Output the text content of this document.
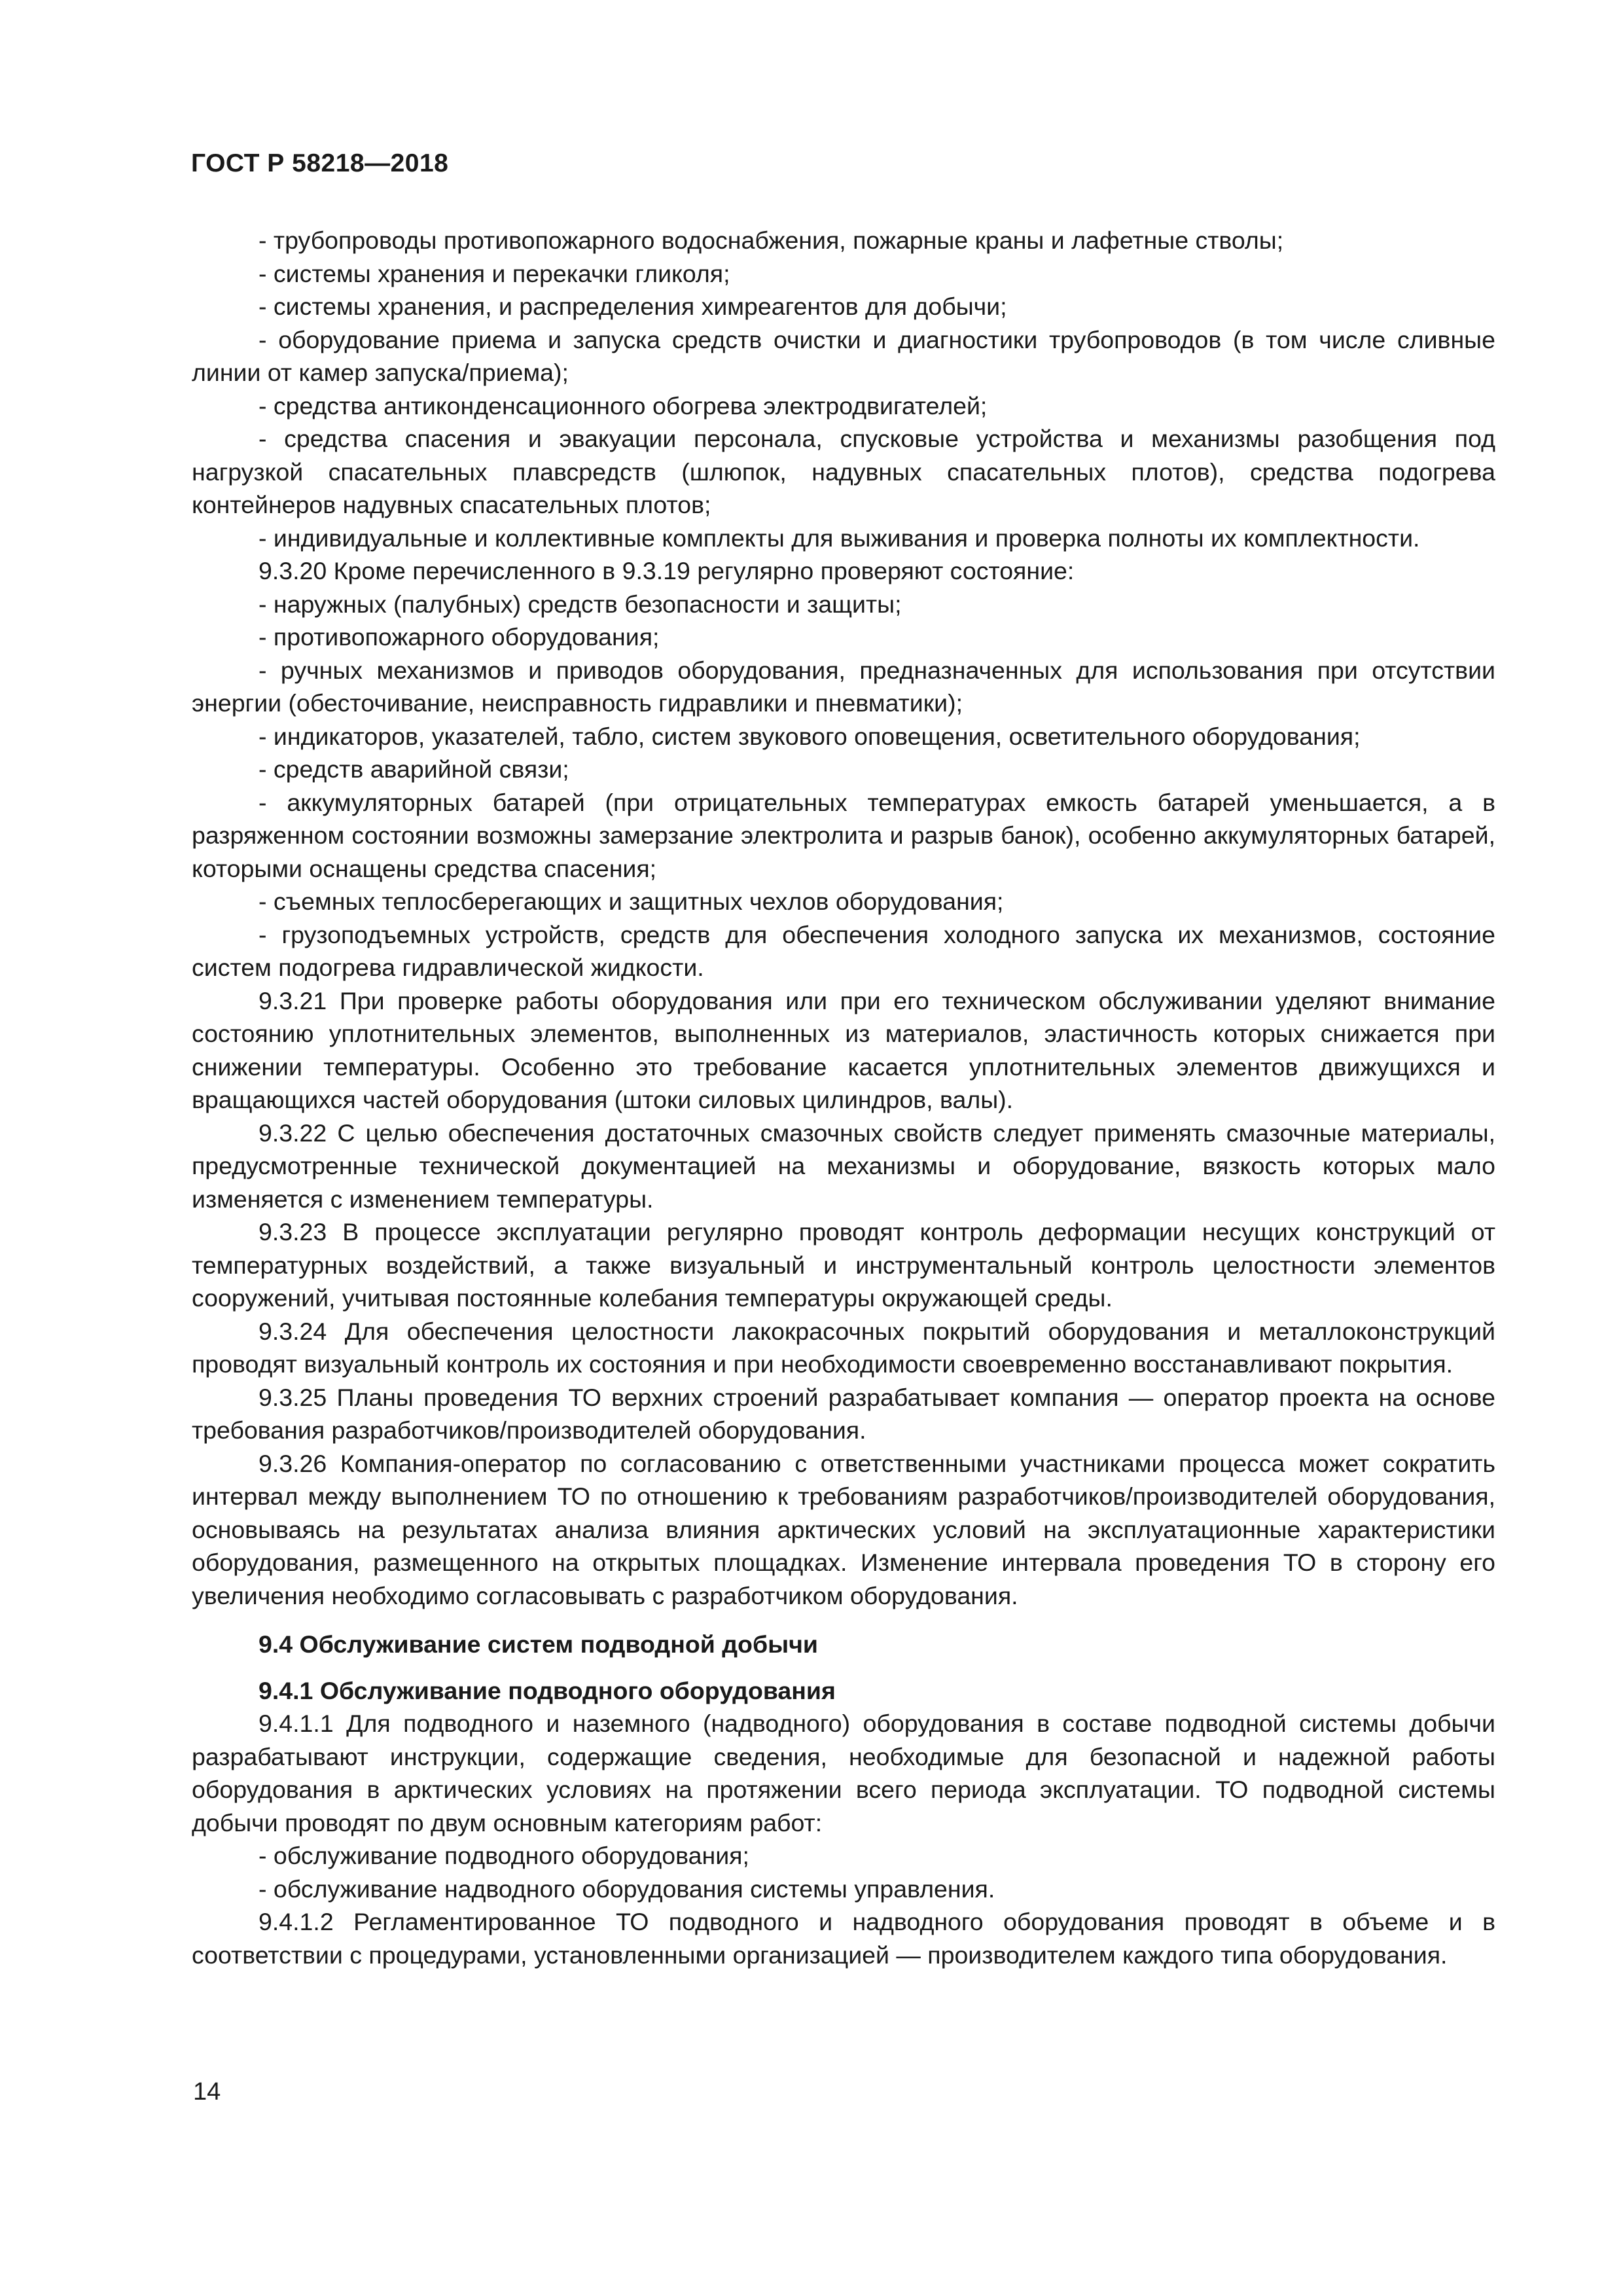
ГОСТ Р 58218—2018
- трубопроводы противопожарного водоснабжения, пожарные краны и лафетные стволы;
- системы хранения и перекачки гликоля;
- системы хранения, и распределения химреагентов для добычи;
- оборудование приема и запуска средств очистки и диагностики трубопроводов (в том числе сливные линии от камер запуска/приема);
- средства антиконденсационного обогрева электродвигателей;
- средства спасения и эвакуации персонала, спусковые устройства и механизмы разобщения под нагрузкой спасательных плавсредств (шлюпок, надувных спасательных плотов), средства подогрева контейнеров надувных спасательных плотов;
- индивидуальные и коллективные комплекты для выживания и проверка полноты их комплектности.
9.3.20 Кроме перечисленного в 9.3.19 регулярно проверяют состояние:
- наружных (палубных) средств безопасности и защиты;
- противопожарного оборудования;
- ручных механизмов и приводов оборудования, предназначенных для использования при отсутствии энергии (обесточивание, неисправность гидравлики и пневматики);
- индикаторов, указателей, табло, систем звукового оповещения, осветительного оборудования;
- средств аварийной связи;
- аккумуляторных батарей (при отрицательных температурах емкость батарей уменьшается, а в разряженном состоянии возможны замерзание электролита и разрыв банок), особенно аккумуляторных батарей, которыми оснащены средства спасения;
- съемных теплосберегающих и защитных чехлов оборудования;
- грузоподъемных устройств, средств для обеспечения холодного запуска их механизмов, состояние систем подогрева гидравлической жидкости.
9.3.21 При проверке работы оборудования или при его техническом обслуживании уделяют внимание состоянию уплотнительных элементов, выполненных из материалов, эластичность которых снижается при снижении температуры. Особенно это требование касается уплотнительных элементов движущихся и вращающихся частей оборудования (штоки силовых цилиндров, валы).
9.3.22 С целью обеспечения достаточных смазочных свойств следует применять смазочные материалы, предусмотренные технической документацией на механизмы и оборудование, вязкость которых мало изменяется с изменением температуры.
9.3.23 В процессе эксплуатации регулярно проводят контроль деформации несущих конструкций от температурных воздействий, а также визуальный и инструментальный контроль целостности элементов сооружений, учитывая постоянные колебания температуры окружающей среды.
9.3.24 Для обеспечения целостности лакокрасочных покрытий оборудования и металлоконструкций проводят визуальный контроль их состояния и при необходимости своевременно восстанавливают покрытия.
9.3.25 Планы проведения ТО верхних строений разрабатывает компания — оператор проекта на основе требования разработчиков/производителей оборудования.
9.3.26 Компания-оператор по согласованию с ответственными участниками процесса может сократить интервал между выполнением ТО по отношению к требованиям разработчиков/производителей оборудования, основываясь на результатах анализа влияния арктических условий на эксплуатационные характеристики оборудования, размещенного на открытых площадках. Изменение интервала проведения ТО в сторону его увеличения необходимо согласовывать с разработчиком оборудования.
9.4 Обслуживание систем подводной добычи
9.4.1 Обслуживание подводного оборудования
9.4.1.1 Для подводного и наземного (надводного) оборудования в составе подводной системы добычи разрабатывают инструкции, содержащие сведения, необходимые для безопасной и надежной работы оборудования в арктических условиях на протяжении всего периода эксплуатации. ТО подводной системы добычи проводят по двум основным категориям работ:
- обслуживание подводного оборудования;
- обслуживание надводного оборудования системы управления.
9.4.1.2 Регламентированное ТО подводного и надводного оборудования проводят в объеме и в соответствии с процедурами, установленными организацией — производителем каждого типа оборудования.
14
